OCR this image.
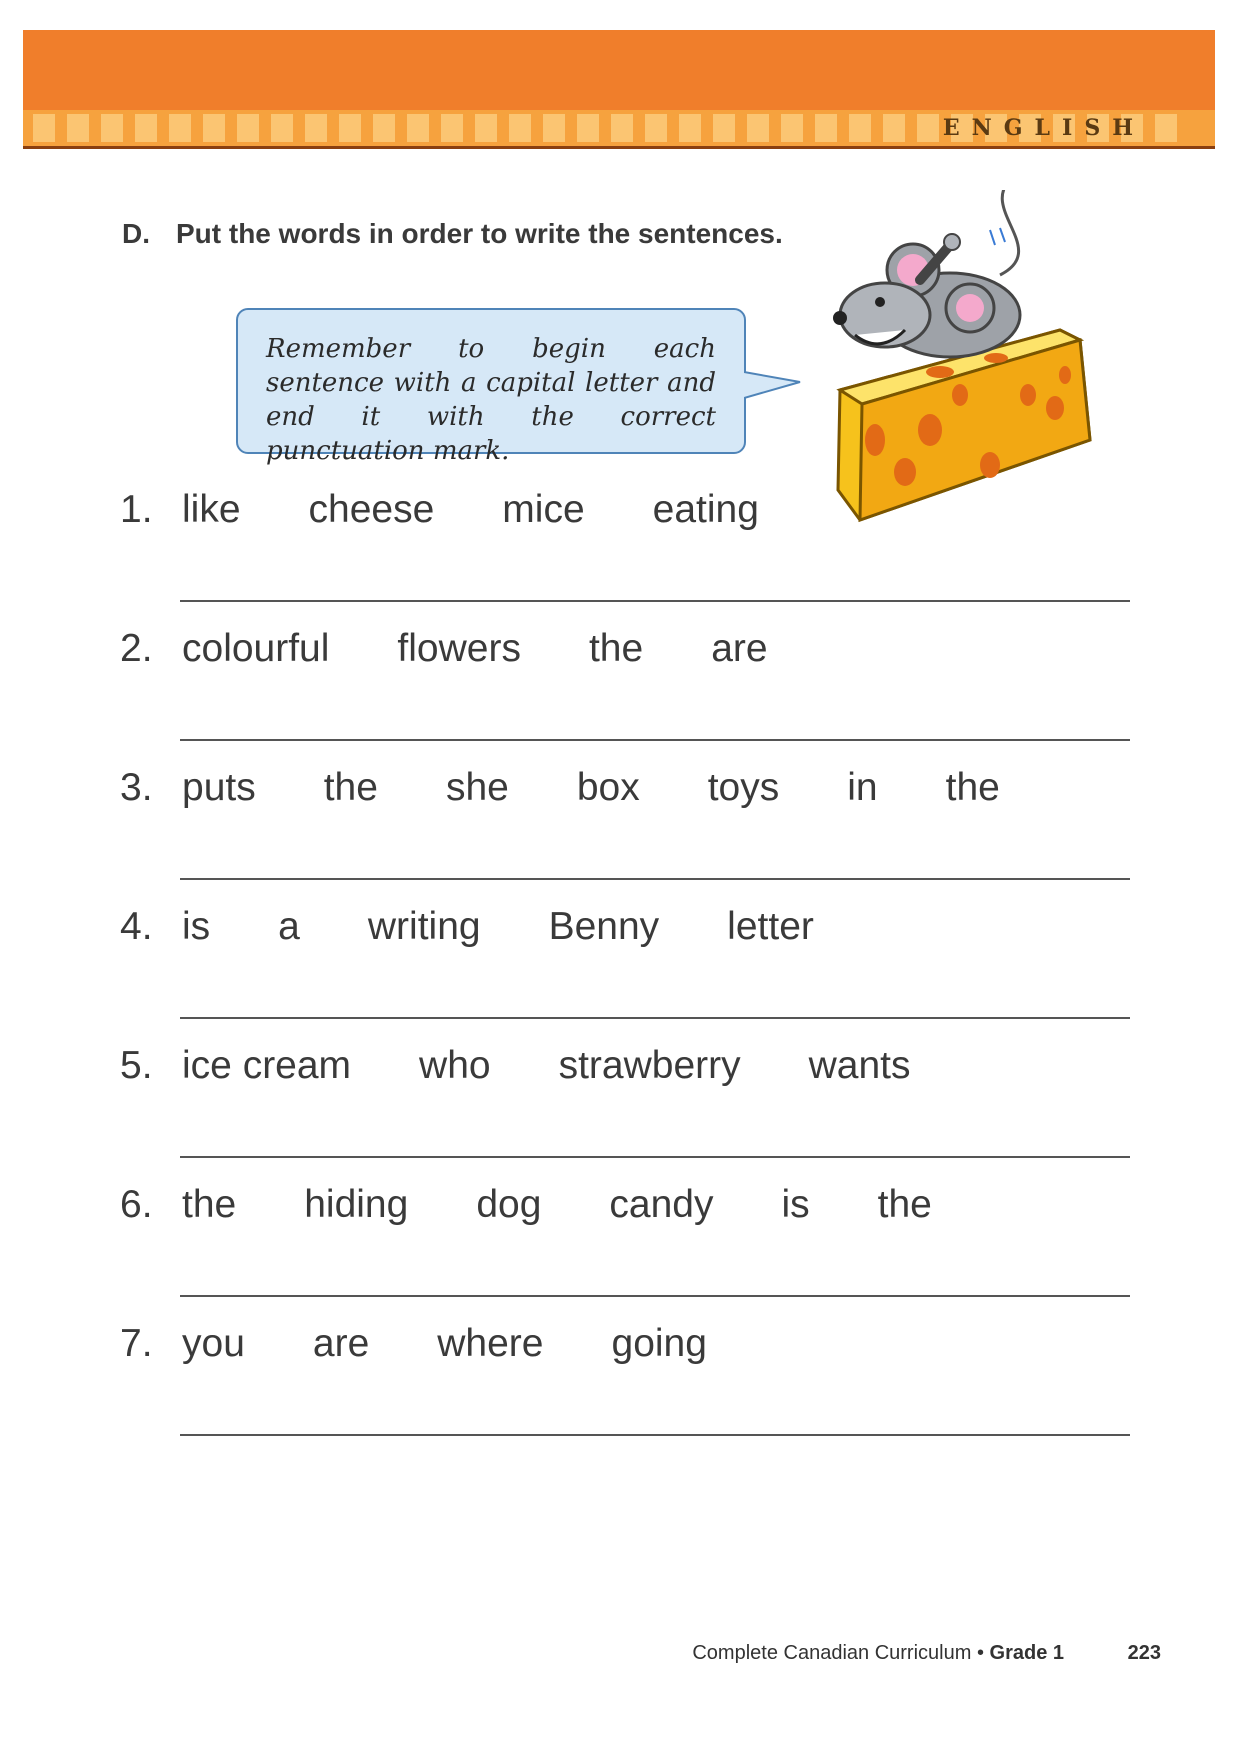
E N G L I S H
D. Put the words in order to write the sentences.
Remember to begin each sentence with a capital letter and end it with the correct punctuation mark.
1. like cheese mice eating
2. colourful flowers the are
3. puts the she box toys in the
4. is a writing Benny letter
5. ice cream who strawberry wants
6. the hiding dog candy is the
7. you are where going
Complete Canadian Curriculum • Grade 1	223
